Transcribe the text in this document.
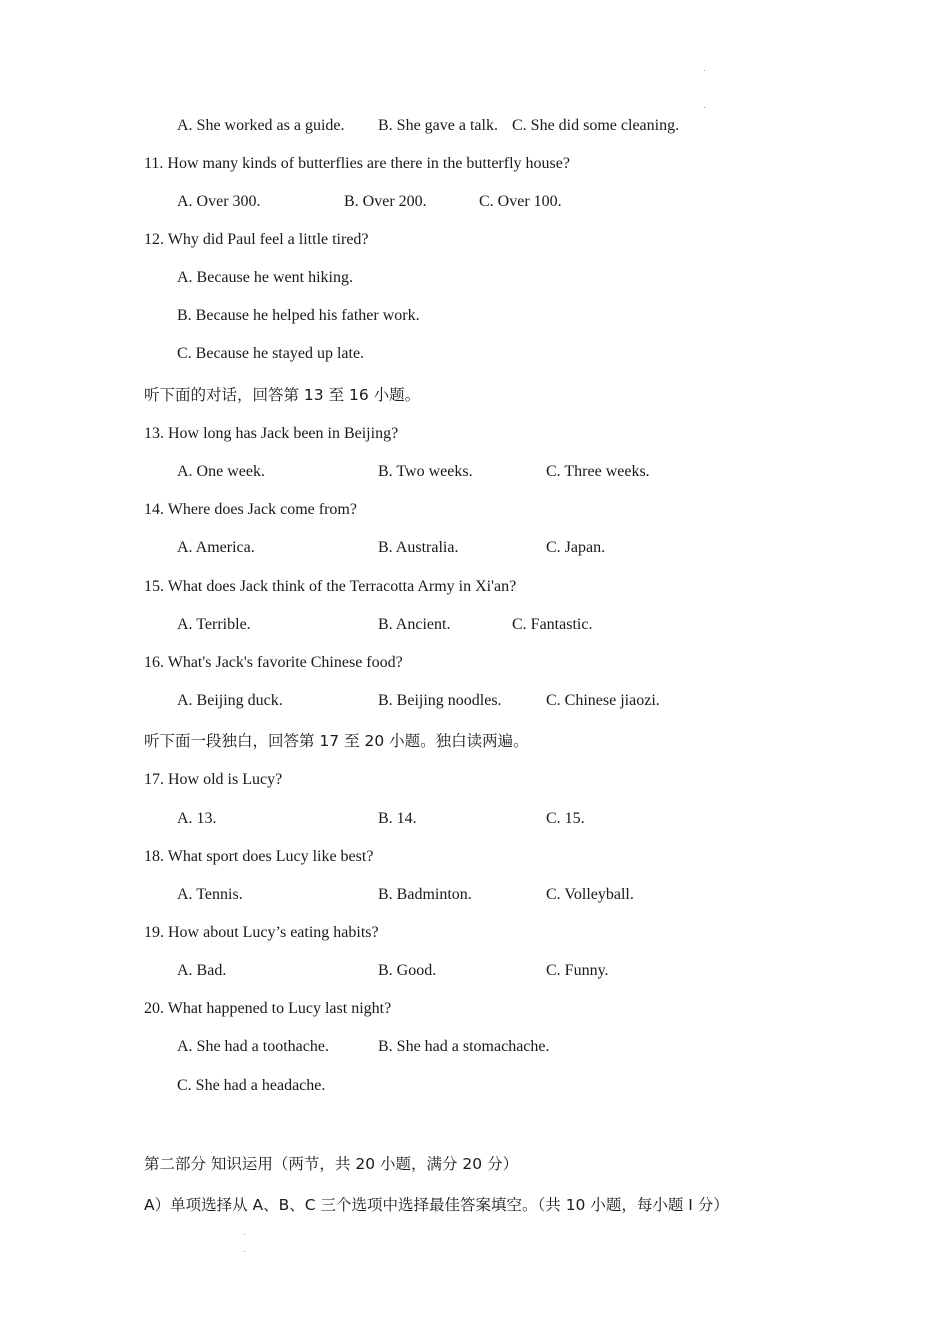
A. She worked as a guide. B. She gave a talk. C. She did some cleaning.
11. How many kinds of butterflies are there in the butterfly house?
A. Over 300.	B. Over 200.	C. Over 100.
12. Why did Paul feel a little tired?
A. Because he went hiking.
B. Because he helped his father work.
C. Because he stayed up late.
听下面的对话，回答第 13 至 16 小题。
13. How long has Jack been in Beijing?
A. One week.	B. Two weeks.	C. Three weeks.
14. Where does Jack come from?
A. America.	B. Australia.	C. Japan.
15. What does Jack think of the Terracotta Army in Xi'an?
A. Terrible.	B. Ancient.	C. Fantastic.
16. What's Jack's favorite Chinese food?
A. Beijing duck.	B. Beijing noodles.	C. Chinese jiaozi.
听下面一段独白，回答第 17 至 20 小题。独白读两遍。
17. How old is Lucy?
A. 13.	B. 14.	C. 15.
18. What sport does Lucy like best?
A. Tennis.	B. Badminton.	C. Volleyball.
19. How about Lucy’s eating habits?
A. Bad.	B. Good.	C. Funny.
20. What happened to Lucy last night?
A. She had a toothache.	B. She had a stomachache.
C. She had a headache.
第二部分 知识运用（两节，共 20 小题，满分 20 分）
A）单项选择从 A、B、C 三个选项中选择最佳答案填空。（共 10 小题，每小题 I 分）
